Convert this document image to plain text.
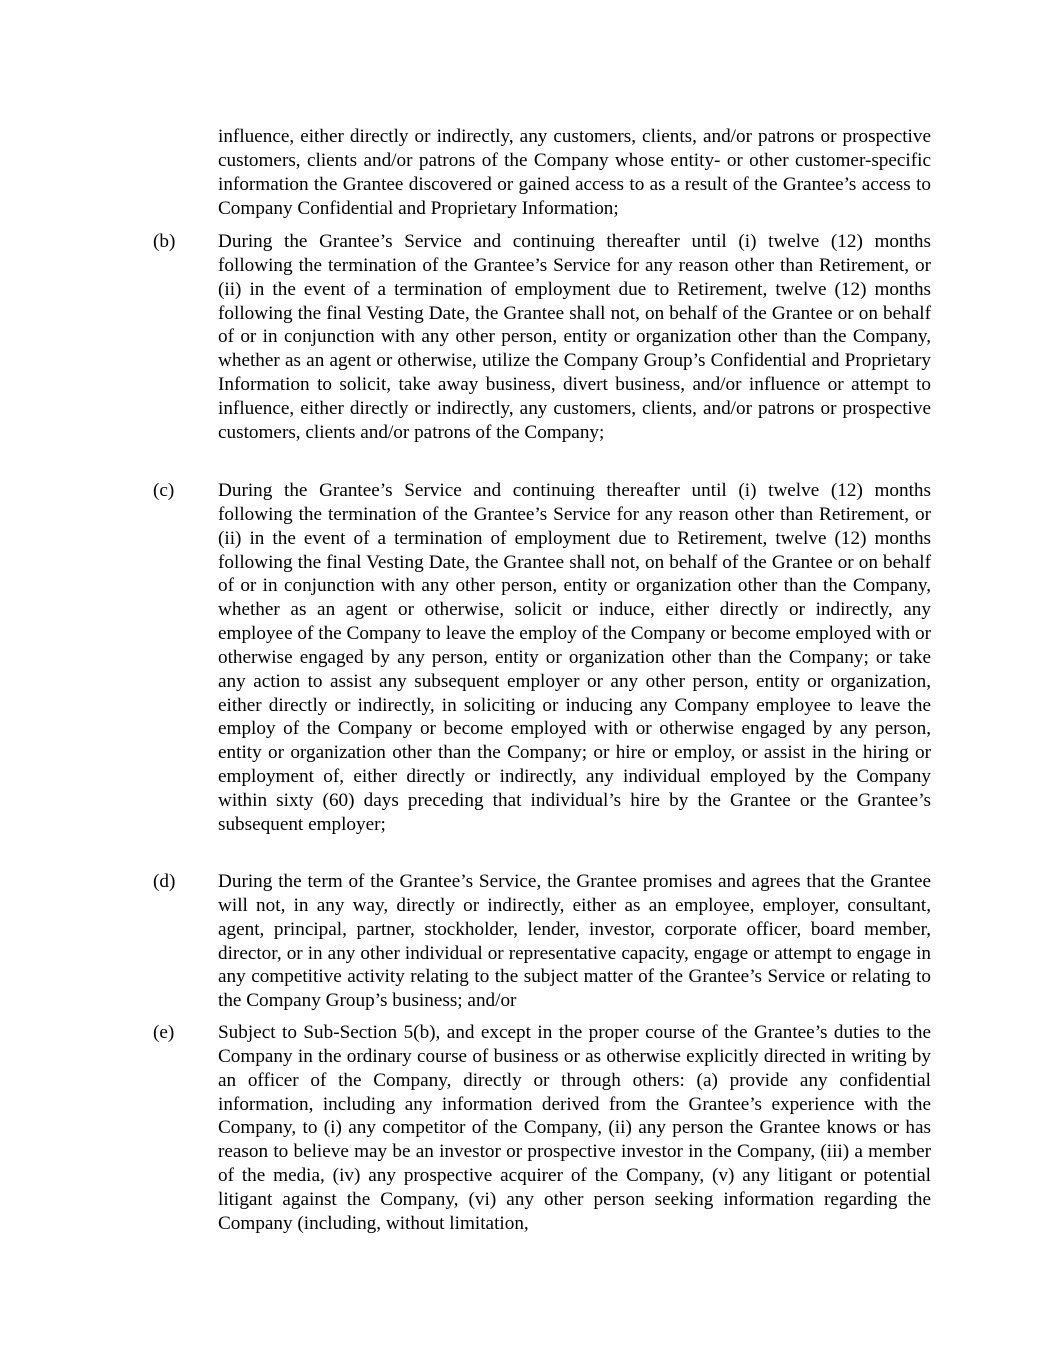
influence, either directly or indirectly, any customers, clients, and/or patrons or prospective customers, clients and/or patrons of the Company whose entity- or other customer-specific information the Grantee discovered or gained access to as a result of the Grantee’s access to Company Confidential and Proprietary Information;

(b) During the Grantee’s Service and continuing thereafter until (i) twelve (12) months following the termination of the Grantee’s Service for any reason other than Retirement, or (ii) in the event of a termination of employment due to Retirement, twelve (12) months following the final Vesting Date, the Grantee shall not, on behalf of the Grantee or on behalf of or in conjunction with any other person, entity or organization other than the Company, whether as an agent or otherwise, utilize the Company Group’s Confidential and Proprietary Information to solicit, take away business, divert business, and/or influence or attempt to influence, either directly or indirectly, any customers, clients, and/or patrons or prospective customers, clients and/or patrons of the Company;

(c) During the Grantee’s Service and continuing thereafter until (i) twelve (12) months following the termination of the Grantee’s Service for any reason other than Retirement, or (ii) in the event of a termination of employment due to Retirement, twelve (12) months following the final Vesting Date, the Grantee shall not, on behalf of the Grantee or on behalf of or in conjunction with any other person, entity or organization other than the Company, whether as an agent or otherwise, solicit or induce, either directly or indirectly, any employee of the Company to leave the employ of the Company or become employed with or otherwise engaged by any person, entity or organization other than the Company; or take any action to assist any subsequent employer or any other person, entity or organization, either directly or indirectly, in soliciting or inducing any Company employee to leave the employ of the Company or become employed with or otherwise engaged by any person, entity or organization other than the Company; or hire or employ, or assist in the hiring or employment of, either directly or indirectly, any individual employed by the Company within sixty (60) days preceding that individual’s hire by the Grantee or the Grantee’s subsequent employer;

(d) During the term of the Grantee’s Service, the Grantee promises and agrees that the Grantee will not, in any way, directly or indirectly, either as an employee, employer, consultant, agent, principal, partner, stockholder, lender, investor, corporate officer, board member, director, or in any other individual or representative capacity, engage or attempt to engage in any competitive activity relating to the subject matter of the Grantee’s Service or relating to the Company Group’s business; and/or

(e) Subject to Sub-Section 5(b), and except in the proper course of the Grantee’s duties to the Company in the ordinary course of business or as otherwise explicitly directed in writing by an officer of the Company, directly or through others: (a) provide any confidential information, including any information derived from the Grantee’s experience with the Company, to (i) any competitor of the Company, (ii) any person the Grantee knows or has reason to believe may be an investor or prospective investor in the Company, (iii) a member of the media, (iv) any prospective acquirer of the Company, (v) any litigant or potential litigant against the Company, (vi) any other person seeking information regarding the Company (including, without limitation,
